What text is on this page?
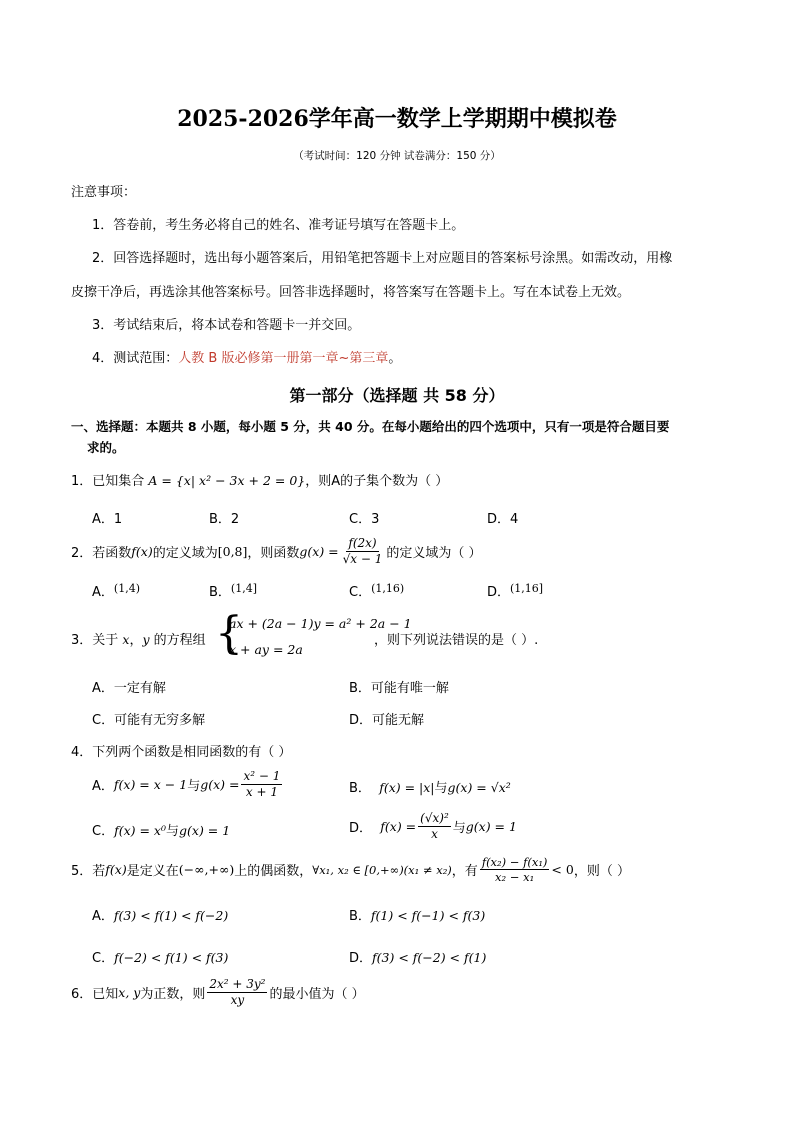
2025-2026学年高一数学上学期期中模拟卷
（考试时间：120 分钟 试卷满分：150 分）
注意事项：
1．答卷前，考生务必将自己的姓名、准考证号填写在答题卡上。
2．回答选择题时，选出每小题答案后，用铅笔把答题卡上对应题目的答案标号涂黑。如需改动，用橡
皮擦干净后，再选涂其他答案标号。回答非选择题时，将答案写在答题卡上。写在本试卷上无效。
3．考试结束后，将本试卷和答题卡一并交回。
4．测试范围：人教 B 版必修第一册第一章~第三章。
第一部分（选择题 共 58 分）
一、选择题：本题共 8 小题，每小题 5 分，共 40 分。在每小题给出的四个选项中，只有一项是符合题目要
求的。
1．已知集合 A = {x| x² − 3x + 2 = 0}，则A的子集个数为（ ）
A．1	B．2	C．3	D．4
2．若函数 f(x) 的定义域为 [0,8] ，则函数 $g(x) = \frac{f(2x)}{√x - 1}$ 的定义域为（ ）
A．$^{(1,4)}$	B．$^{(1,4]}$	C．$^{(1,16)}$	D．$^{(1,16]}$
3．关于 x，y 的方程组 {
ax + (2a − 1)y = a² + 2a − 1
x + ay = 2a
，则下列说法错误的是（ ）.
A．一定有解	B．可能有唯一解
C．可能有无穷多解	D．可能无解
4．下列两个函数是相同函数的有（ ）
A． f(x) = x − 1 与 $g(x) = \frac{\text{x² − 1}}{x + 1}$	B． f(x) = |x|与g(x) = √x²
C．f(x) = x⁰与g(x) = 1	D．
$f(x) = \frac{\text{(√x)²}}{x}$ 与 g(x) = 1
5．若 f(x) 是定义在 (−∞,+∞) 上的偶函数， ∀x₁, x₂ ∈ [0,+∞)(x₁ ≠ x₂) ，有 $\frac{\text{f(x₂) − f(x₁)}}{\text{x₂ − x₁}} < 0$ ，则（ ）
A．f(3) < f(1) < f(−2)	B．f(1) < f(−1) < f(3)
C．f(−2) < f(1) < f(3)	D．f(3) < f(−2) < f(1)
6．已知 x, y 为正数，则 $\frac{\text{2x² + 3y²}}{xy}$ 的最小值为（ ）
